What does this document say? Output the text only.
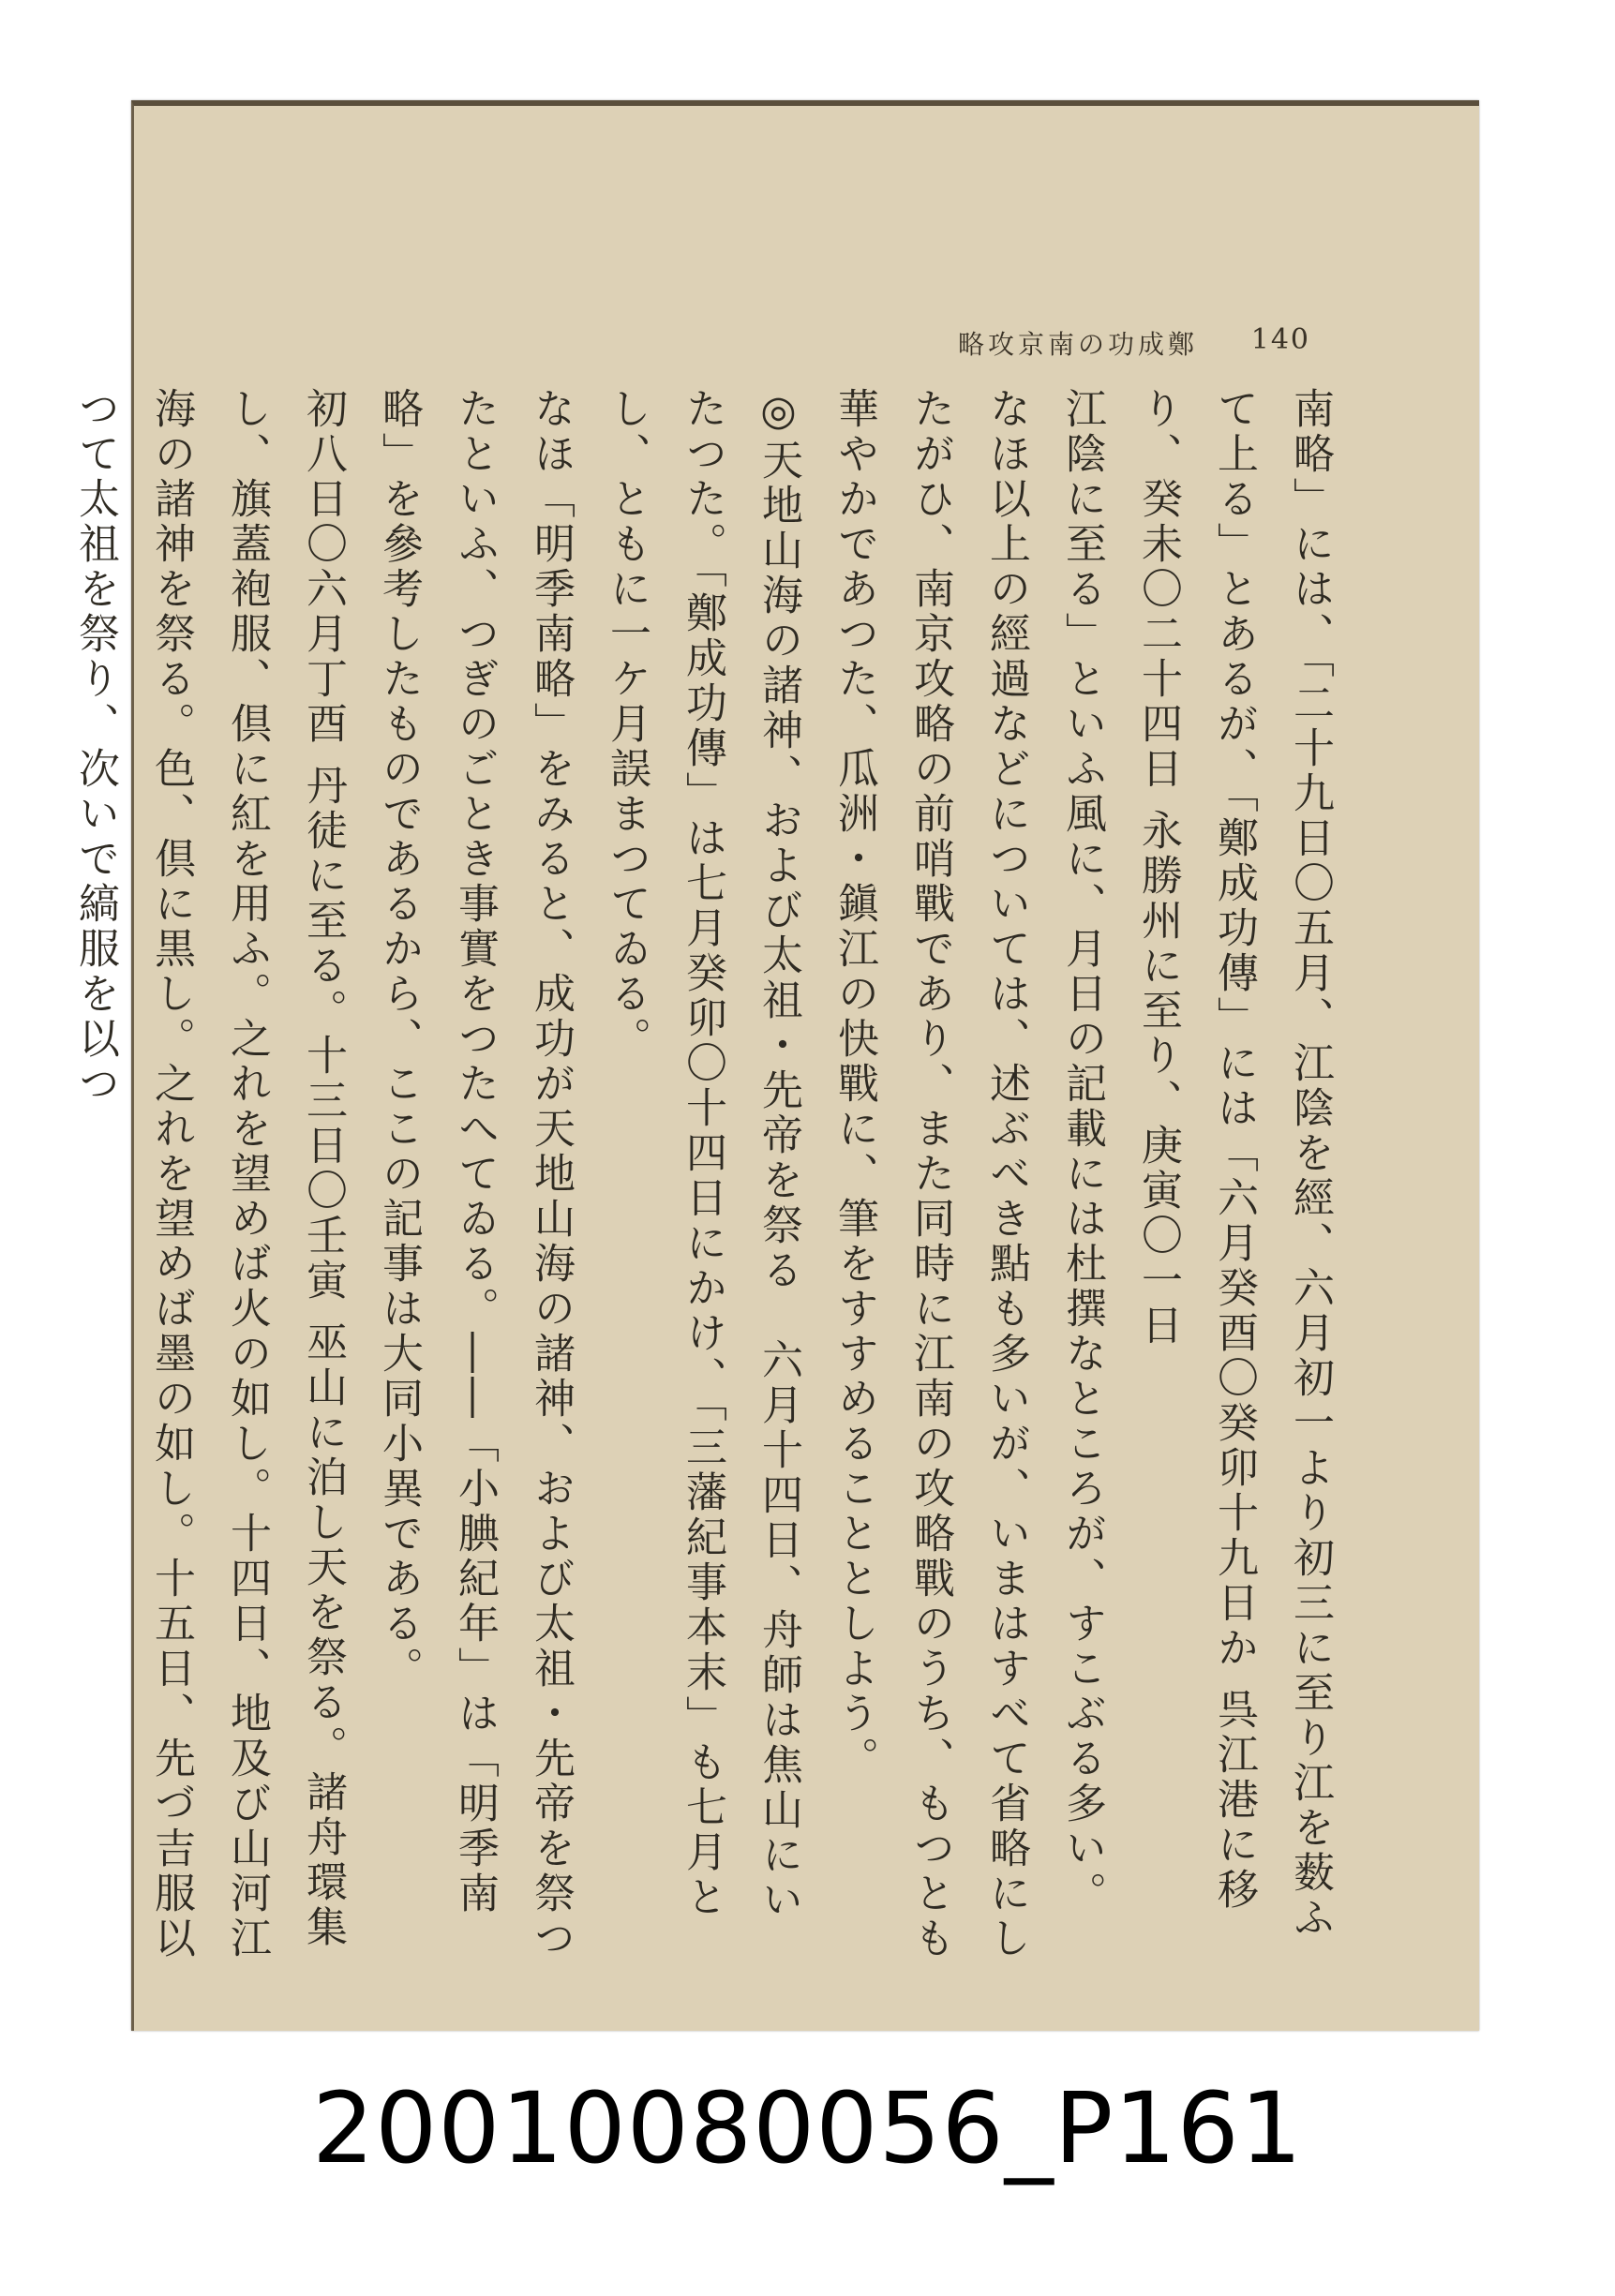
140
鄭成功の南京攻略

南略」には、「二十九日〇五月、江陰を經、六月初一より初三に至り江を薮ふて上る」とあるが、「鄭成功傳」には「六月癸酉〇癸卯十九日か 呉江港に移り、癸未〇二十四日 永勝州に至り、庚寅〇一日

江陰に至る」といふ風に、月日の記載には杜撰なところが、すこぶる多い。

なほ以上の經過などについては、述ぶべき點も多いが、いまはすべて省略にしたがひ、南京攻略の前哨戰であり、また同時に江南の攻略戰のうち、もつとも華やかであつた、瓜洲・鎭江の快戰に、筆をすすめることとしよう。

◎天地山海の諸神、および太祖・先帝を祭る　六月十四日、舟師は焦山にいたつた。「鄭成功傳」は七月癸卯〇十四日にかけ、「三藩紀事本末」も七月とし、ともに一ケ月誤まつてゐる。

なほ「明季南略」をみると、成功が天地山海の諸神、および太祖・先帝を祭つたといふ、つぎのごとき事實をつたへてゐる。――「小腆紀年」は「明季南略」を參考したものであるから、ここの記事は大同小異である。

初八日〇六月丁酉 丹徒に至る。十三日〇壬寅 巫山に泊し天を祭る。諸舟環集し、旗蓋袍服、倶に紅を用ふ。之れを望めば火の如し。十四日、地及び山河江海の諸神を祭る。色、倶に黒し。之れを望めば墨の如し。十五日、先づ吉服以つて太祖を祭り、次いで縞服を以つ

20010080056_P161
